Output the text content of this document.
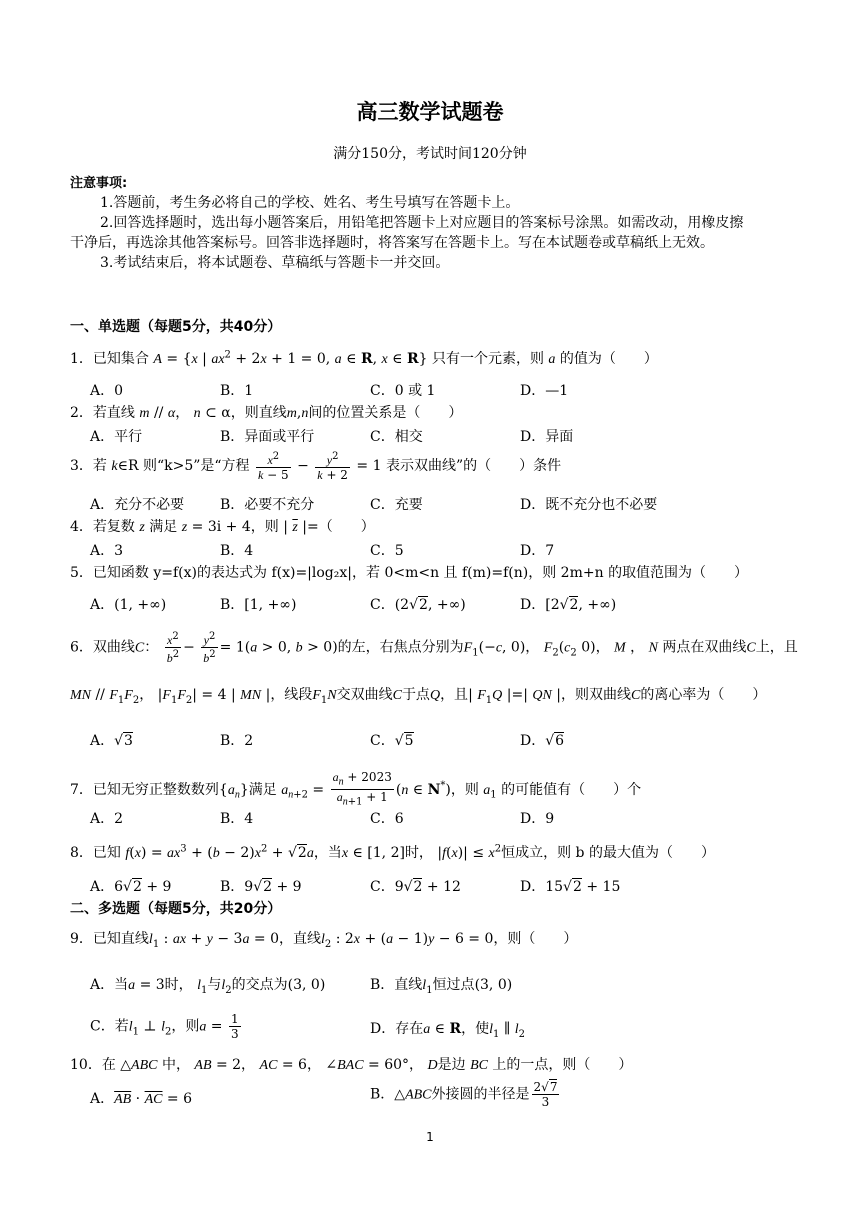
高三数学试题卷
满分150分，考试时间120分钟
注意事项:
1.答题前，考生务必将自己的学校、姓名、考生号填写在答题卡上。
2.回答选择题时，选出每小题答案后，用铅笔把答题卡上对应题目的答案标号涂黑。如需改动，用橡皮擦
干净后，再选涂其他答案标号。回答非选择题时，将答案写在答题卡上。写在本试题卷或草稿纸上无效。
3.考试结束后，将本试题卷、草稿纸与答题卡一并交回。
一、单选题（每题5分，共40分）
1．已知集合 A = {x | $ax^2 + 2x + 1 = 0$, a ∈ R, x ∈ R} 只有一个元素，则 a 的值为（　　）
A．0	B．1	C．0 或 1	D．—1
2．若直线 m // α， n ⊂ α，则直线m,n间的位置关系是（　　）
A．平行	B．异面或平行	C．相交	D．异面
3．若 k∈R 则“k>5”是“方程 $\frac{x^2}{k - 5} - \frac{y^2}{k + 2} = 1$ 表示双曲线”的（　　）条件
A．充分不必要	B．必要不充分	C．充要	D．既不充分也不必要
4．若复数 z 满足 z = 3i + 4，则 | $\overline{z}$ |=（　　）
A．3	B．4	C．5	D．7
5．已知函数 y=f(x)的表达式为 f(x)=|log₂x|，若 0<m<n 且 f(m)=f(n)，则 2m+n 的取值范围为（　　）
A．(1, +∞)	B．[1, +∞)	C．(2√2, +∞)	D．[2√2, +∞)
6．双曲线C： $\frac{x^2}{b^2} - \frac{y^2}{b^2} = 1(a > 0$, b > 0)的左，右焦点分别为$F_1(-c$, 0)， $F_2(c_2$ 0)， M ， N 两点在双曲线C上，且
MN // $F_1F_2$， $|F_1F_2| = 4$ | MN |，线段$F_1N$交双曲线C于点Q，且| $F_1Q$ |=| QN |，则双曲线C的离心率为（　　）
A．√3	B．2	C．√5	D．√6
7．已知无穷正整数数列$\{a_n\}$满足 $a_{n+2} = \frac{a_n + 2023}{a_{n+1} + 1} (n$ ∈ N*)，则 $a_1$ 的可能值有（　　）个
A．2	B．4	C．6	D．9
8．已知 $f(x) = ax^3 + (b - 2)x^2 + √2a$，当x ∈ [1, 2]时， $|f(x)| \le x^2$恒成立，则 b 的最大值为（　　）
A．6√2 + 9	B．9√2 + 9	C．9√2 + 12	D．15√2 + 15
二、多选题（每题5分，共20分）
9．已知直线$l_1$ : ax + y − 3a = 0，直线$l_2$ : 2x + (a − 1)y − 6 = 0，则（　　）
A．当a = 3时， $l_1$与$l_2$的交点为(3, 0)	B．直线$l_1$恒过点(3, 0)
C．若$l_1$ ⊥ $l_2$，则$a = \frac{1}{3}$	D．存在a ∈ R，使$l_1$ ∥ $l_2$
10．在 △ABC 中， AB = 2， AC = 6， ∠BAC = 60°， D是边 BC 上的一点，则（　　）
A．$\overline{AB} \cdot \overline{AC} = 6$	B．△ABC外接圆的半径是 $\frac{2√7}{3}$
1
